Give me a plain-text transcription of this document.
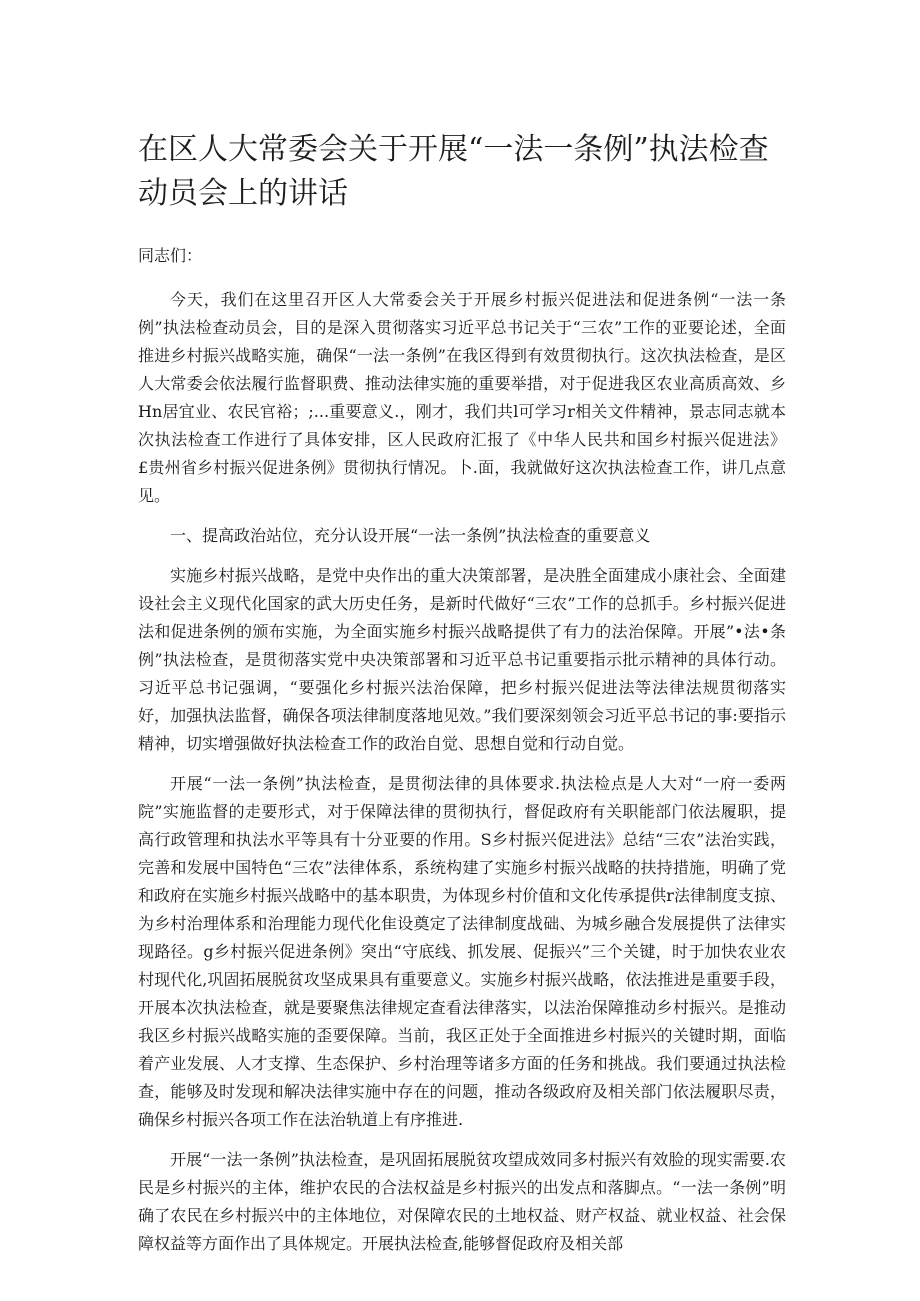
在区人大常委会关于开展“一法一条例”执法检查动员会上的讲话

同志们：

今天，我们在这里召开区人大常委会关于开展乡村振兴促进法和促进条例“一法一条例”执法检查动员会，目的是深入贯彻落实习近平总书记关于“三农”工作的亚要论述，全面推进乡村振兴战略实施，确保“一法一条例”在我区得到有效贯彻执行。这次执法检查，是区人大常委会依法履行监督职费、推动法律实施的重要举措，对于促进我区农业高质高效、乡Hn居宜业、农民官裕；;...重要意义.，刚才，我们共l可学习r相关文件精神，景志同志就本次执法检查工作进行了具体安排，区人民政府汇报了《中华人民共和国乡村振兴促进法》£贵州省乡村振兴促进条例》贯彻执行情况。卜.面，我就做好这次执法检查工作，讲几点意见。

一、提高政治站位，充分认设开展“一法一条例”执法检查的重要意义

实施乡村振兴战略，是党中央作出的重大决策部署，是决胜全面建成小康社会、全面建设社会主义现代化国家的武大历史任务，是新时代做好“三农”工作的总抓手。乡村振兴促进法和促进条例的颁布实施，为全面实施乡村振兴战略提供了有力的法治保障。开展”•法•条例”执法检查，是贯彻落实党中央决策部署和习近平总书记重要指示批示精神的具体行动。习近平总书记强调，“要强化乡村振兴法治保障，把乡村振兴促进法等法律法规贯彻落实好，加强执法监督，确保各项法律制度落地见效。”我们要深刻领会习近平总书记的事:要指示精神，切实增强做好执法检查工作的政治自觉、思想自觉和行动自觉。

开展“一法一条例”执法检查，是贯彻法律的具体要求.执法检点是人大对“一府一委两院”实施监督的走要形式，对于保障法律的贯彻执行，督促政府有关职能部门依法履职，提高行政管理和执法水平等具有十分亚要的作用。S乡村振兴促进法》总结“三农”法治实践，完善和发展中国特色“三农”法律体系，系统构建了实施乡村振兴战略的扶持措施，明确了党和政府在实施乡村振兴战略中的基本职贵，为体现乡村价值和文化传承提供r法律制度支掠、为乡村治理体系和治理能力现代化隹设奠定了法律制度战础、为城乡融合发展提供了法律实现路径。g乡村振兴促进条例》突出“守底线、抓发展、促振兴”三个关键，时于加快农业农村现代化,巩固拓展脱贫攻坚成果具有重要意义。实施乡村振兴战略，依法推进是重要手段，开展本次执法检查，就是要聚焦法律规定查看法律落实，以法治保障推动乡村振兴。是推动我区乡村振兴战略实施的歪要保障。当前，我区正处于全面推进乡村振兴的关键时期，面临着产业发展、人才支撑、生态保护、乡村治理等诸多方面的任务和挑战。我们要通过执法检查，能够及时发现和解决法律实施中存在的问题，推动各级政府及相关部门依法履职尽责，确保乡村振兴各项工作在法治轨道上有序推进.

开展“一法一条例”执法检查，是巩固拓展脱贫攻望成效同多村振兴有效脸的现实需要.农民是乡村振兴的主体，维护农民的合法权益是乡村振兴的出发点和落脚点。“一法一条例”明确了农民在乡村振兴中的主体地位，对保障农民的土地权益、财产权益、就业权益、社会保障权益等方面作出了具体规定。开展执法检查,能够督促政府及相关部
